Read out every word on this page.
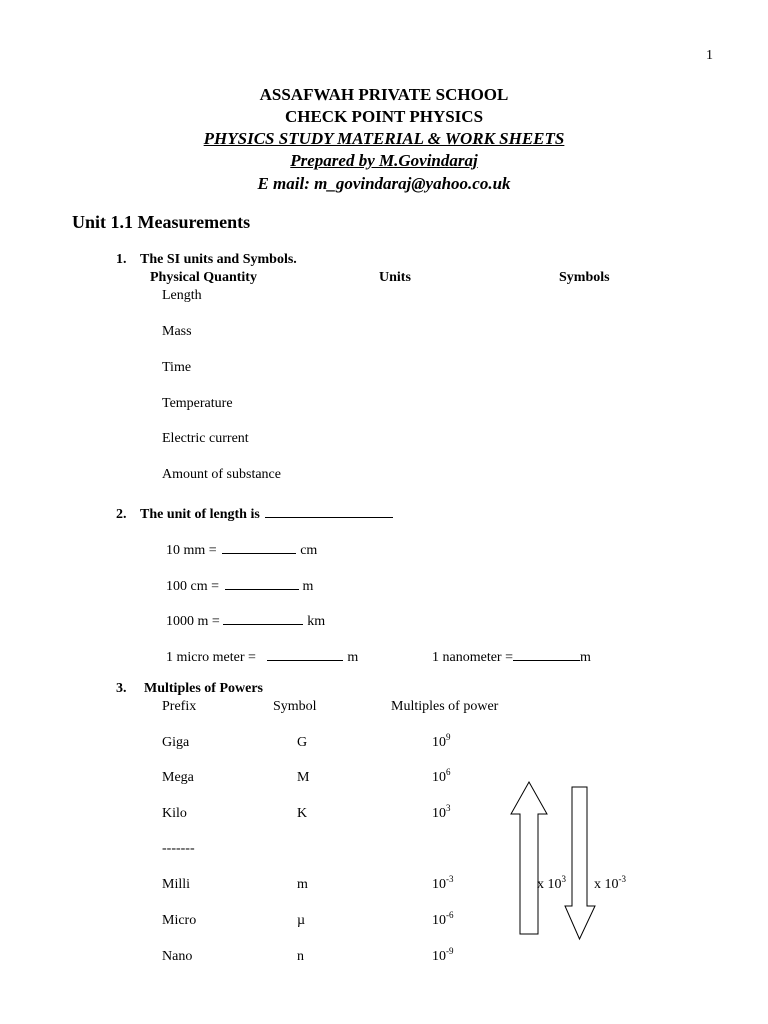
1
ASSAFWAH PRIVATE SCHOOL
CHECK POINT PHYSICS
PHYSICS STUDY MATERIAL & WORK SHEETS
Prepared by M.Govindaraj
E mail: m_govindaraj@yahoo.co.uk
Unit 1.1 Measurements
1. The SI units and Symbols.
Physical Quantity	Units	Symbols
Length
Mass
Time
Temperature
Electric current
Amount of substance
2. The unit of length is
10 mm =	cm
100 cm =	m
1000 m =	km
1 micro meter =	m	1 nanometer =	m
3. Multiples of Powers
Prefix	Symbol	Multiples of power
Giga	G	$10^9$
Mega	M	$10^6$
Kilo	K	$10^3$
-------
Milli	m	$10^{-3}$
Micro	µ	$10^{-6}$
Nano	n	$10^{-9}$
x $10^3$ x $10^{-3}$
